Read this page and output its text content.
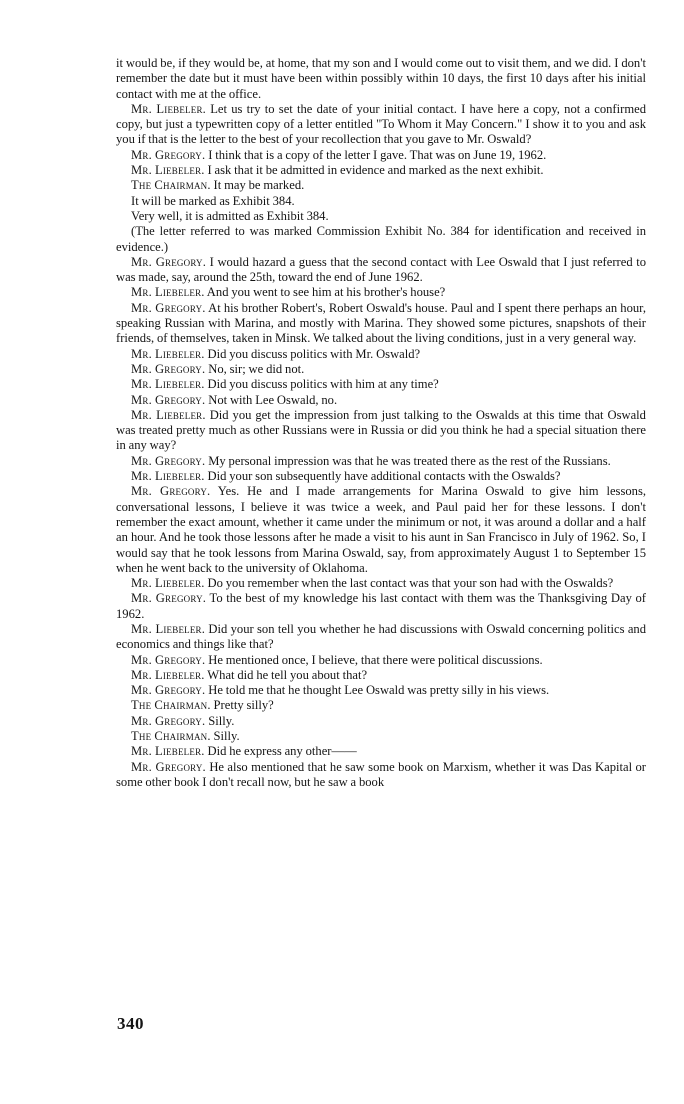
it would be, if they would be, at home, that my son and I would come out to visit them, and we did. I don't remember the date but it must have been within possibly within 10 days, the first 10 days after his initial contact with me at the office.

Mr. Liebeler. Let us try to set the date of your initial contact. I have here a copy, not a confirmed copy, but just a typewritten copy of a letter entitled "To Whom it May Concern." I show it to you and ask you if that is the letter to the best of your recollection that you gave to Mr. Oswald?

Mr. Gregory. I think that is a copy of the letter I gave. That was on June 19, 1962.

Mr. Liebeler. I ask that it be admitted in evidence and marked as the next exhibit.

The Chairman. It may be marked.

It will be marked as Exhibit 384.

Very well, it is admitted as Exhibit 384.

(The letter referred to was marked Commission Exhibit No. 384 for identification and received in evidence.)

Mr. Gregory. I would hazard a guess that the second contact with Lee Oswald that I just referred to was made, say, around the 25th, toward the end of June 1962.

Mr. Liebeler. And you went to see him at his brother's house?

Mr. Gregory. At his brother Robert's, Robert Oswald's house. Paul and I spent there perhaps an hour, speaking Russian with Marina, and mostly with Marina. They showed some pictures, snapshots of their friends, of themselves, taken in Minsk. We talked about the living conditions, just in a very general way.

Mr. Liebeler. Did you discuss politics with Mr. Oswald?

Mr. Gregory. No, sir; we did not.

Mr. Liebeler. Did you discuss politics with him at any time?

Mr. Gregory. Not with Lee Oswald, no.

Mr. Liebeler. Did you get the impression from just talking to the Oswalds at this time that Oswald was treated pretty much as other Russians were in Russia or did you think he had a special situation there in any way?

Mr. Gregory. My personal impression was that he was treated there as the rest of the Russians.

Mr. Liebeler. Did your son subsequently have additional contacts with the Oswalds?

Mr. Gregory. Yes. He and I made arrangements for Marina Oswald to give him lessons, conversational lessons, I believe it was twice a week, and Paul paid her for these lessons. I don't remember the exact amount, whether it came under the minimum or not, it was around a dollar and a half an hour. And he took those lessons after he made a visit to his aunt in San Francisco in July of 1962. So, I would say that he took lessons from Marina Oswald, say, from approximately August 1 to September 15 when he went back to the university of Oklahoma.

Mr. Liebeler. Do you remember when the last contact was that your son had with the Oswalds?

Mr. Gregory. To the best of my knowledge his last contact with them was the Thanksgiving Day of 1962.

Mr. Liebeler. Did your son tell you whether he had discussions with Oswald concerning politics and economics and things like that?

Mr. Gregory. He mentioned once, I believe, that there were political discussions.

Mr. Liebeler. What did he tell you about that?

Mr. Gregory. He told me that he thought Lee Oswald was pretty silly in his views.

The Chairman. Pretty silly?

Mr. Gregory. Silly.

The Chairman. Silly.

Mr. Liebeler. Did he express any other——

Mr. Gregory. He also mentioned that he saw some book on Marxism, whether it was Das Kapital or some other book I don't recall now, but he saw a book

340
